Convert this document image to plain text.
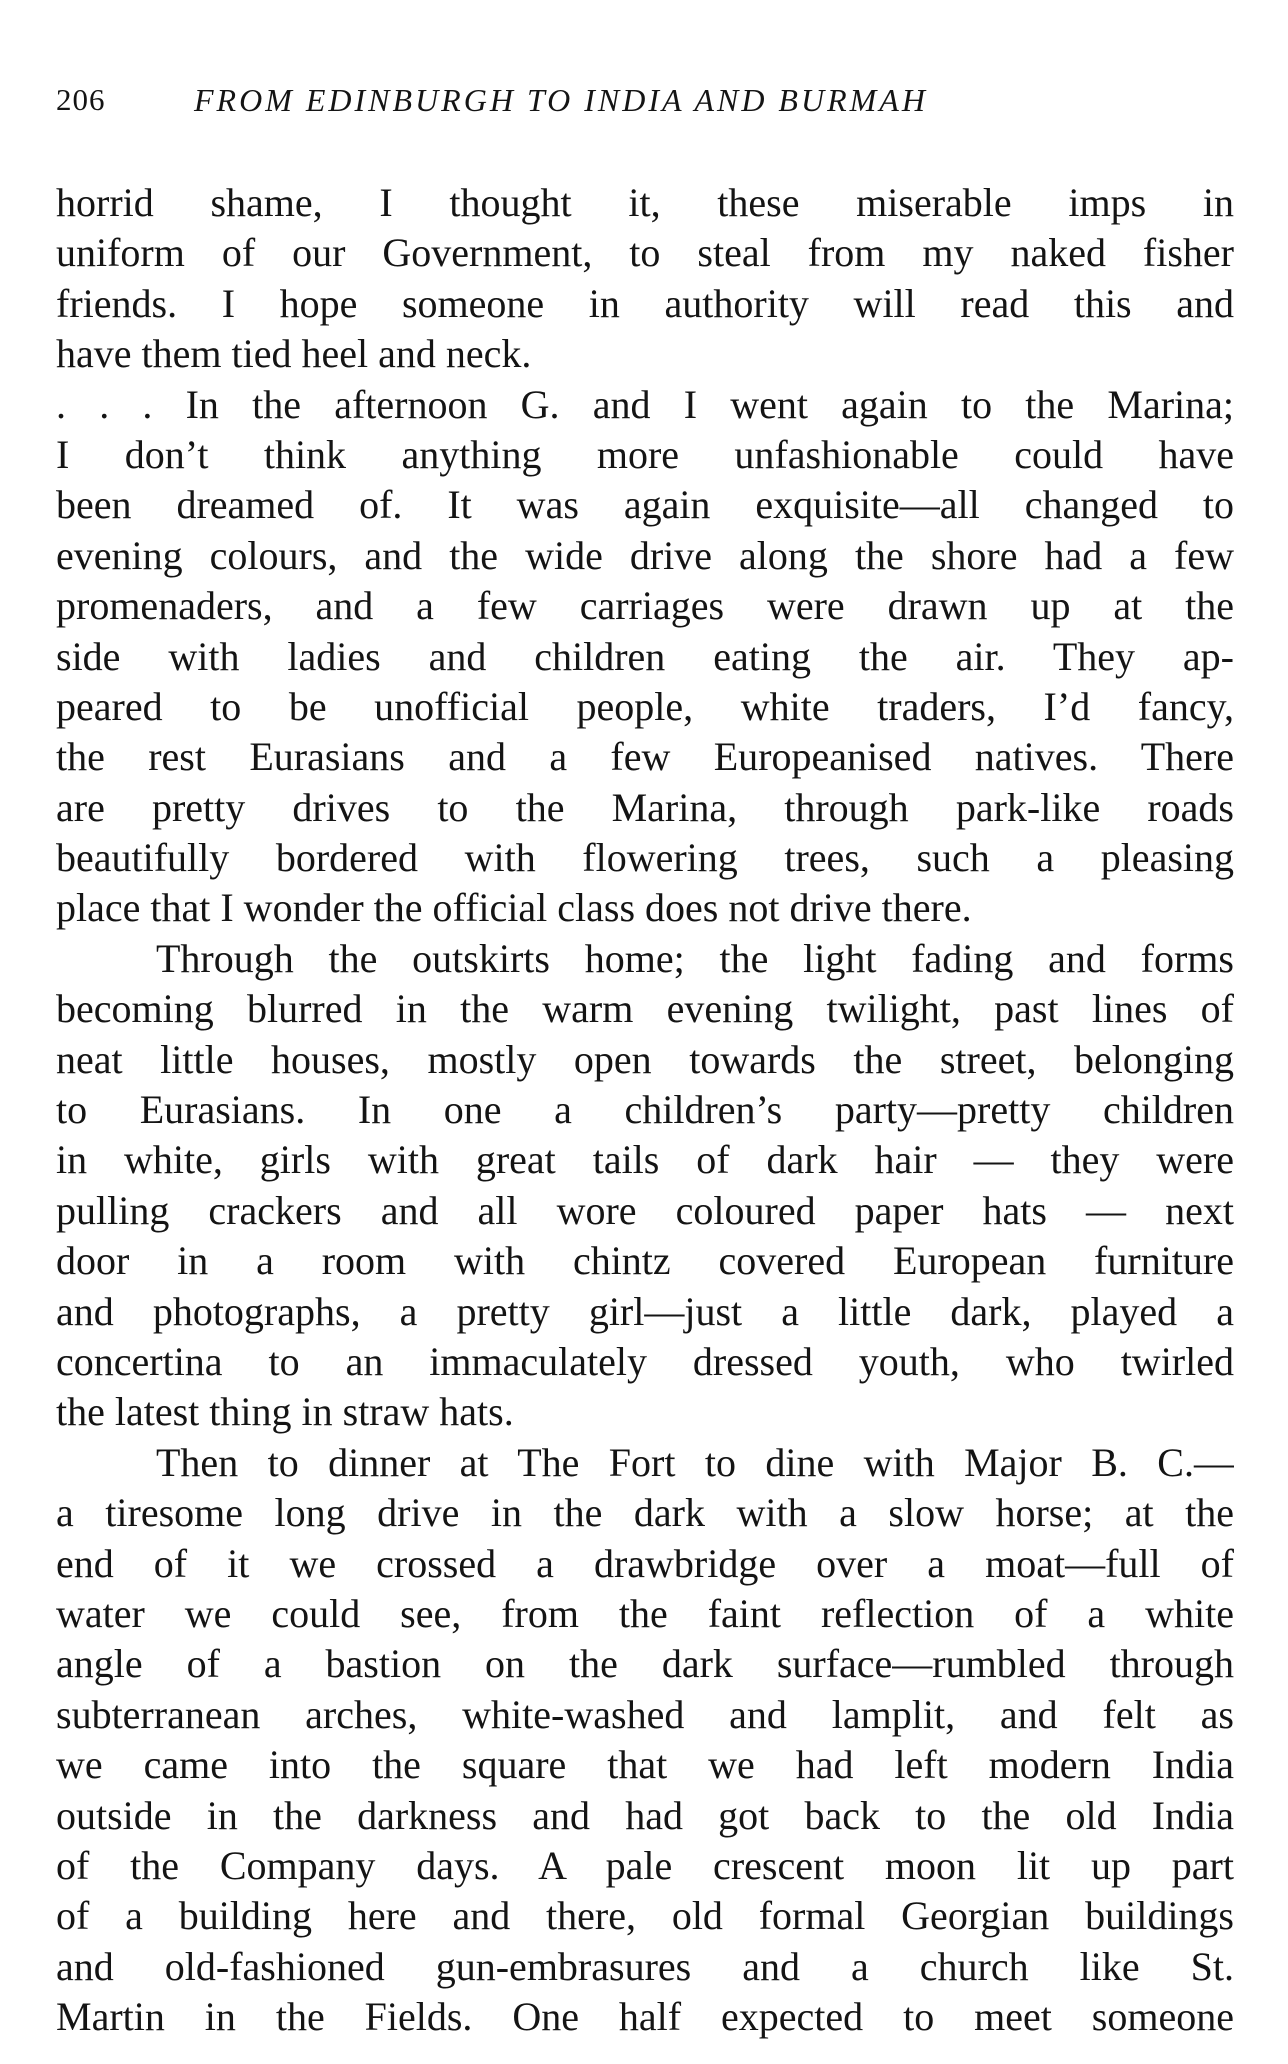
206	FROM EDINBURGH TO INDIA AND BURMAH
horrid shame, I thought it, these miserable imps in
uniform of our Government, to steal from my naked fisher
friends. I hope someone in authority will read this and
have them tied heel and neck.
. . . In the afternoon G. and I went again to the Marina;
I don’t think anything more unfashionable could have
been dreamed of. It was again exquisite—all changed to
evening colours, and the wide drive along the shore had a few
promenaders, and a few carriages were drawn up at the
side with ladies and children eating the air. They ap-
peared to be unofficial people, white traders, I’d fancy,
the rest Eurasians and a few Europeanised natives. There
are pretty drives to the Marina, through park-like roads
beautifully bordered with flowering trees, such a pleasing
place that I wonder the official class does not drive there.
Through the outskirts home; the light fading and forms
becoming blurred in the warm evening twilight, past lines of
neat little houses, mostly open towards the street, belonging
to Eurasians. In one a children’s party—pretty children
in white, girls with great tails of dark hair — they were
pulling crackers and all wore coloured paper hats — next
door in a room with chintz covered European furniture
and photographs, a pretty girl—just a little dark, played a
concertina to an immaculately dressed youth, who twirled
the latest thing in straw hats.
Then to dinner at The Fort to dine with Major B. C.—
a tiresome long drive in the dark with a slow horse; at the
end of it we crossed a drawbridge over a moat—full of
water we could see, from the faint reflection of a white
angle of a bastion on the dark surface—rumbled through
subterranean arches, white-washed and lamplit, and felt as
we came into the square that we had left modern India
outside in the darkness and had got back to the old India
of the Company days. A pale crescent moon lit up part
of a building here and there, old formal Georgian buildings
and old-fashioned gun-embrasures and a church like St.
Martin in the Fields. One half expected to meet someone
